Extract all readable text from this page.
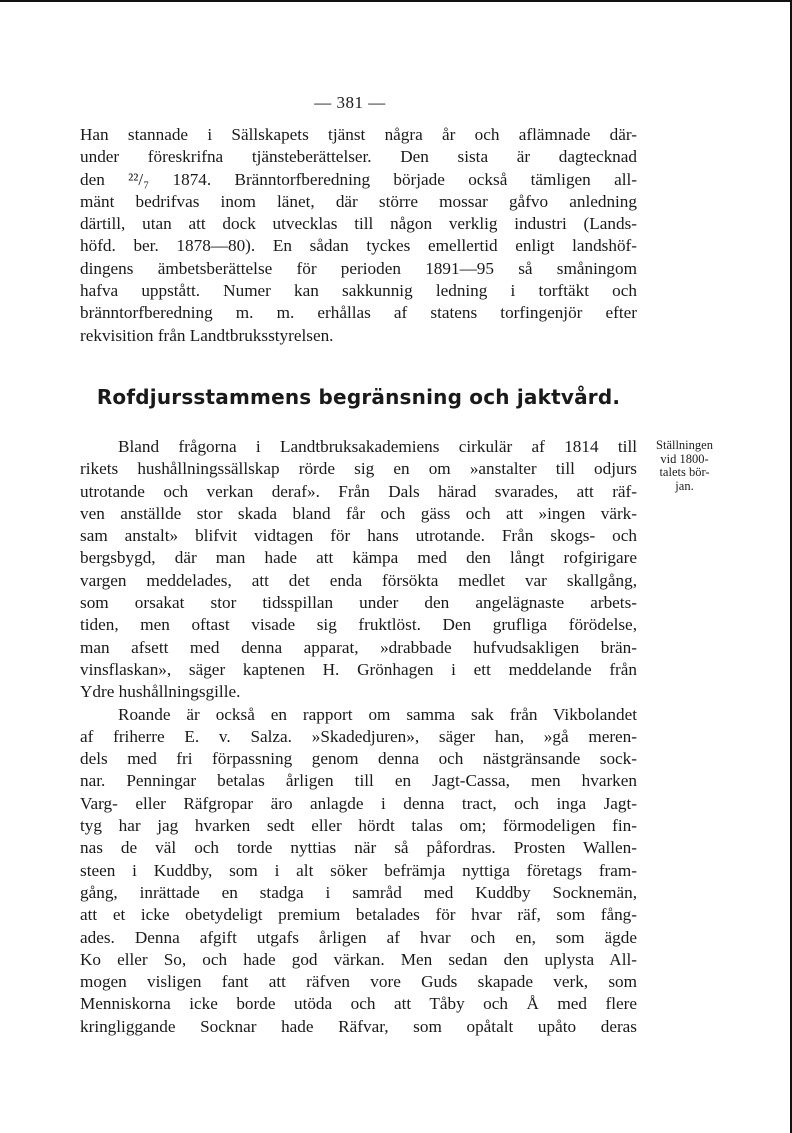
— 381 —
Han stannade i Sällskapets tjänst några år och aflämnade där-
under föreskrifna tjänsteberättelser. Den sista är dagtecknad
den ²²/₇ 1874. Bränntorfberedning började också tämligen all-
mänt bedrifvas inom länet, där större mossar gåfvo anledning
därtill, utan att dock utvecklas till någon verklig industri (Lands-
höfd. ber. 1878—80). En sådan tyckes emellertid enligt landshöf-
dingens ämbetsberättelse för perioden 1891—95 så småningom
hafva uppstått. Numer kan sakkunnig ledning i torftäkt och
bränntorfberedning m. m. erhållas af statens torfingenjör efter
rekvisition från Landtbruksstyrelsen.
Rofdjursstammens begränsning och jaktvård.
Ställningen
vid 1800-
talets bör-
jan.
Bland frågorna i Landtbruksakademiens cirkulär af 1814 till
rikets hushållningssällskap rörde sig en om »anstalter till odjurs
utrotande och verkan deraf». Från Dals härad svarades, att räf-
ven anställde stor skada bland får och gäss och att »ingen värk-
sam anstalt» blifvit vidtagen för hans utrotande. Från skogs- och
bergsbygd, där man hade att kämpa med den långt rofgirigare
vargen meddelades, att det enda försökta medlet var skallgång,
som orsakat stor tidsspillan under den angelägnaste arbets-
tiden, men oftast visade sig fruktlöst. Den grufliga förödelse,
man afsett med denna apparat, »drabbade hufvudsakligen brän-
vinsflaskan», säger kaptenen H. Grönhagen i ett meddelande från
Ydre hushållningsgille.
Roande är också en rapport om samma sak från Vikbolandet
af friherre E. v. Salza. »Skadedjuren», säger han, »gå meren-
dels med fri förpassning genom denna och nästgränsande sock-
nar. Penningar betalas årligen till en Jagt-Cassa, men hvarken
Varg- eller Räfgropar äro anlagde i denna tract, och inga Jagt-
tyg har jag hvarken sedt eller hördt talas om; förmodeligen fin-
nas de väl och torde nyttias när så påfordras. Prosten Wallen-
steen i Kuddby, som i alt söker befrämja nyttiga företags fram-
gång, inrättade en stadga i samråd med Kuddby Socknemän,
att et icke obetydeligt premium betalades för hvar räf, som fång-
ades. Denna afgift utgafs årligen af hvar och en, som ägde
Ko eller So, och hade god värkan. Men sedan den uplysta All-
mogen visligen fant att räfven vore Guds skapade verk, som
Menniskorna icke borde utöda och att Tåby och Å med flere
kringliggande Socknar hade Räfvar, som opåtalt upåto deras
